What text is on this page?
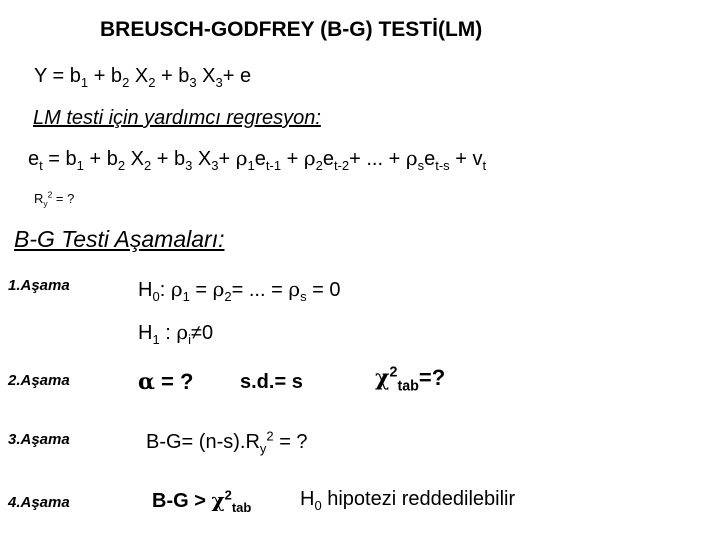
BREUSCH-GODFREY (B-G) TESTİ(LM)
$Y = b_1 + b_2$ $X_2 + b_3$ $X_3+ e$
LM testi için yardımcı regresyon:
$e_t = b_1 + b_2$ $X_2 + b_3$ $X_3+ \rho_1e_{t-1} + \rho_2e_{t-2}+$ ... + $\rho_se_{t-s} + v_t$
$R_y^2$ = ?
B-G Testi Aşamaları:
1.Aşama
2.Aşama
3.Aşama
4.Aşama
$H_0$: $\rho_1 = \rho_2=$ ... = $\rho_s = 0$
$H_1$ : $\rho_i\ne 0$
α = ? s.d.= s	$\chi^2_{tab}=$?
$B-G= (n-s).R_y^2$ = ?
$B-G > \chi^2_{tab}$ $H_0$ hipotezi reddedilebilir
